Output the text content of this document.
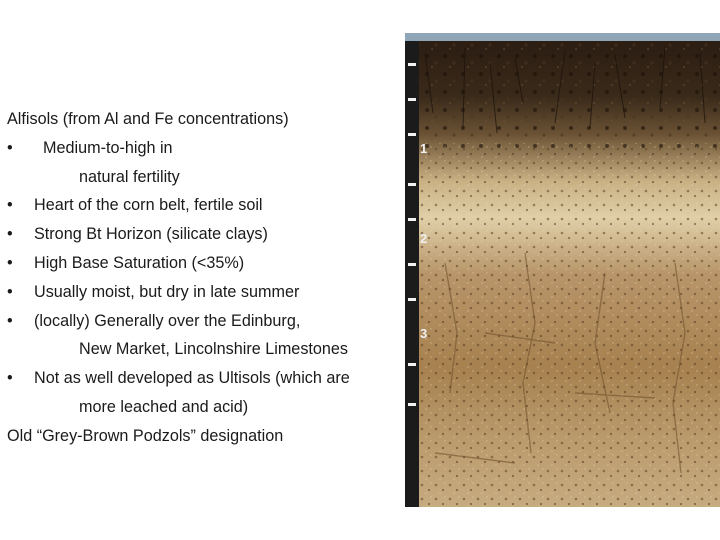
Alfisols (from Al and Fe concentrations)
• Medium-to-high in
natural fertility
• Heart of the corn belt, fertile soil
• Strong Bt Horizon (silicate clays)
• High Base Saturation (<35%)
• Usually moist, but dry in late summer
• (locally) Generally over the Edinburg,
New Market, Lincolnshire Limestones
• Not as well developed as Ultisols (which are
more leached and acid)
Old “Grey-Brown Podzols” designation
1
2
3
